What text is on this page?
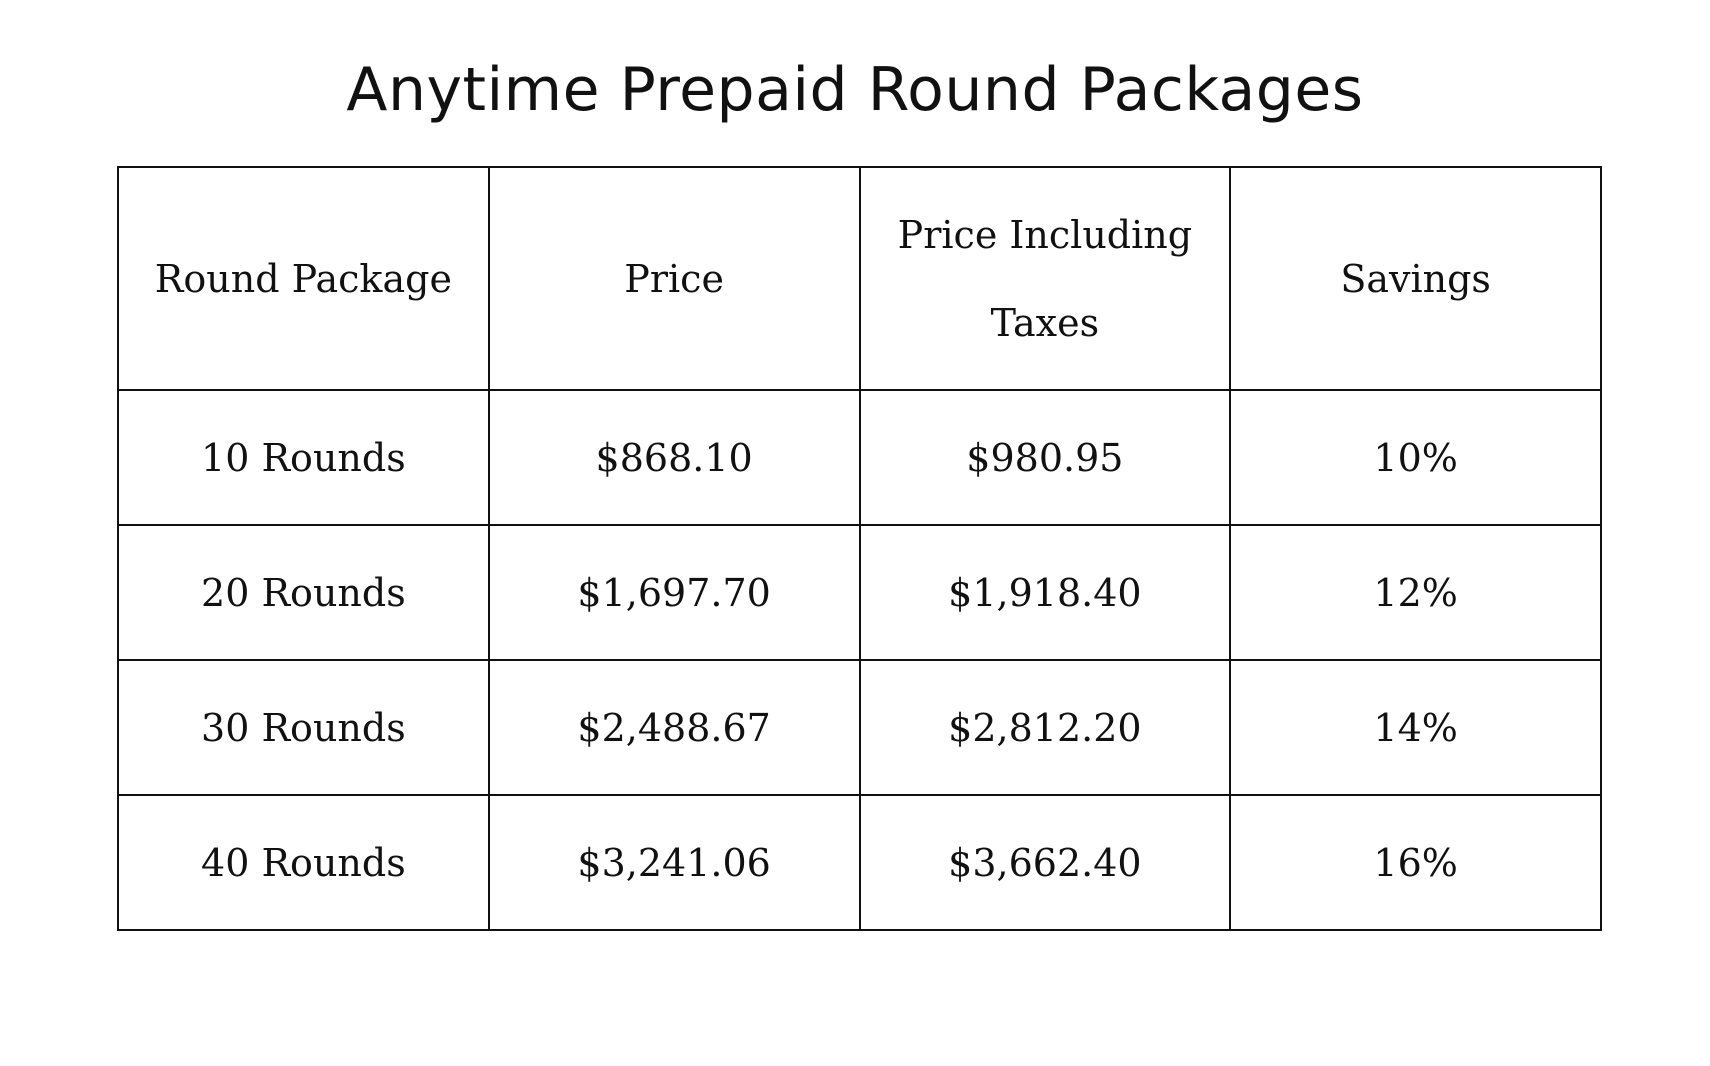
Anytime Prepaid Round Packages
Round Package	Price	Price Including Taxes	Savings
10 Rounds	$868.10	$980.95	10%
20 Rounds	$1,697.70	$1,918.40	12%
30 Rounds	$2,488.67	$2,812.20	14%
40 Rounds	$3,241.06	$3,662.40	16%
